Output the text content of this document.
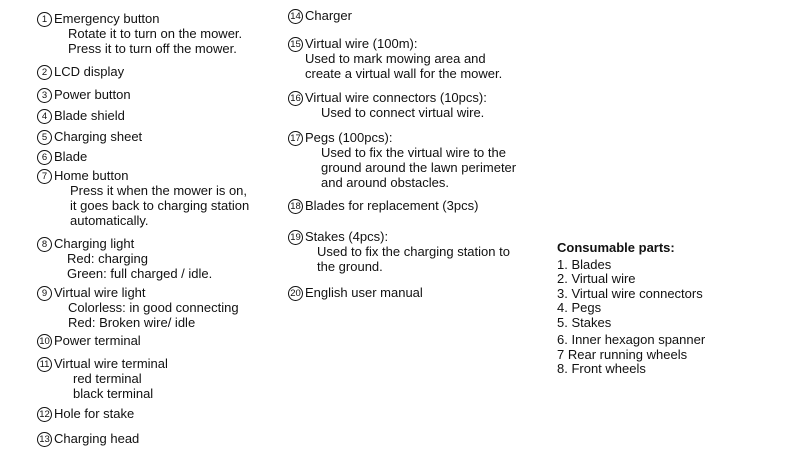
1 Emergency button
Rotate it to turn on the mower.
Press it to turn off the mower.
2 LCD display
3 Power button
4 Blade shield
5 Charging sheet
6 Blade
7 Home button
Press it when the mower is on,
it goes back to charging station
automatically.
8 Charging light
Red: charging
Green: full charged / idle.
9 Virtual wire light
Colorless: in good connecting
Red: Broken wire/ idle
10 Power terminal
11 Virtual wire terminal
red terminal
black terminal
12 Hole for stake
13 Charging head
14 Charger
15 Virtual wire (100m):
Used to mark mowing area and
create a virtual wall for the mower.
16 Virtual wire connectors (10pcs):
Used to connect virtual wire.
17 Pegs (100pcs):
Used to fix the virtual wire to the
ground around the lawn perimeter
and around obstacles.
18 Blades for replacement (3pcs)
19 Stakes (4pcs):
Used to fix the charging station to
the ground.
20 English user manual
Consumable parts:
1. Blades
2. Virtual wire
3. Virtual wire connectors
4. Pegs
5. Stakes
6. Inner hexagon spanner
7 Rear running wheels
8. Front wheels
